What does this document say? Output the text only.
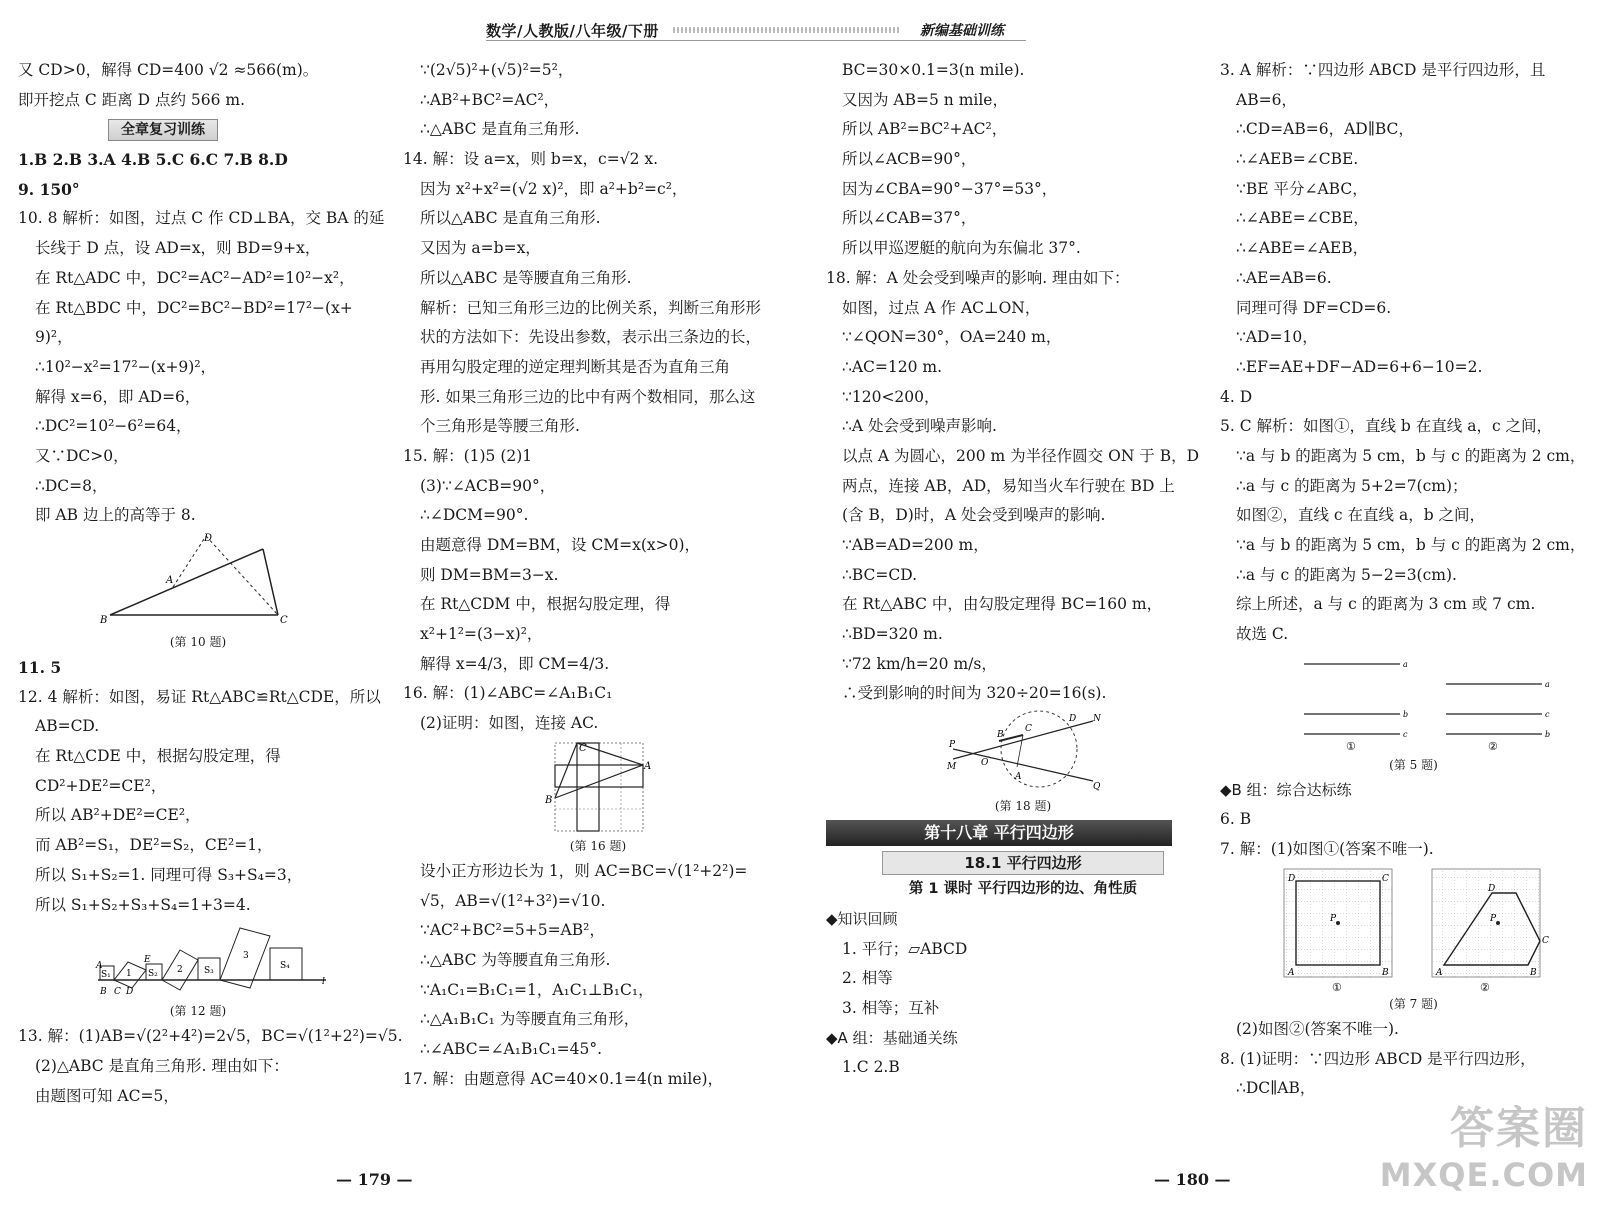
数学/人教版/八年级/下册	新编基础训练
又 CD>0，解得 CD=400 √2 ≈566(m)。
即开挖点 C 距离 D 点约 566 m.
全章复习训练
1.B 2.B 3.A 4.B 5.C 6.C 7.B 8.D
9. 150°
10. 8 解析：如图，过点 C 作 CD⊥BA，交 BA 的延
长线于 D 点，设 AD=x，则 BD=9+x，
在 Rt△ADC 中，DC²=AC²−AD²=10²−x²，
在 Rt△BDC 中，DC²=BC²−BD²=17²−(x+
9)²，
∴10²−x²=17²−(x+9)²，
解得 x=6，即 AD=6，
∴DC²=10²−6²=64，
又∵DC>0，
∴DC=8，
即 AB 边上的高等于 8.
A
B	C
D
(第 10 题)
11. 5
12. 4 解析：如图，易证 Rt△ABC≌Rt△CDE，所以
AB=CD.
在 Rt△CDE 中，根据勾股定理，得
CD²+DE²=CE²，
所以 AB²+DE²=CE²，
而 AB²=S₁，DE²=S₂，CE²=1，
所以 S₁+S₂=1. 同理可得 S₃+S₄=3，
所以 S₁+S₂+S₃+S₄=1+3=4.
S₁ 1 S₂ 2 S₃
3
S₄
A
E
B C D
l
(第 12 题)
13. 解：(1)AB=√(2²+4²)=2√5，BC=√(1²+2²)=√5.
(2)△ABC 是直角三角形. 理由如下：
由题图可知 AC=5，
∵(2√5)²+(√5)²=5²，
∴AB²+BC²=AC²，
∴△ABC 是直角三角形.
14. 解：设 a=x，则 b=x，c=√2 x.
因为 x²+x²=(√2 x)²，即 a²+b²=c²，
所以△ABC 是直角三角形.
又因为 a=b=x，
所以△ABC 是等腰直角三角形.
解析：已知三角形三边的比例关系，判断三角形形
状的方法如下：先设出参数，表示出三条边的长，
再用勾股定理的逆定理判断其是否为直角三角
形. 如果三角形三边的比中有两个数相同，那么这
个三角形是等腰三角形.
15. 解：(1)5 (2)1
(3)∵∠ACB=90°，
∴∠DCM=90°.
由题意得 DM=BM，设 CM=x(x>0)，
则 DM=BM=3−x.
在 Rt△CDM 中，根据勾股定理，得
x²+1²=(3−x)²，
解得 x=4/3，即 CM=4/3.
16. 解：(1)∠ABC=∠A₁B₁C₁
(2)证明：如图，连接 AC.
C
A
B
(第 16 题)
设小正方形边长为 1，则 AC=BC=√(1²+2²)=
√5，AB=√(1²+3²)=√10.
∵AC²+BC²=5+5=AB²，
∴△ABC 为等腰直角三角形.
∵A₁C₁=B₁C₁=1，A₁C₁⊥B₁C₁，
∴△A₁B₁C₁ 为等腰直角三角形，
∴∠ABC=∠A₁B₁C₁=45°.
17. 解：由题意得 AC=40×0.1=4(n mile)，
BC=30×0.1=3(n mile).
又因为 AB=5 n mile，
所以 AB²=BC²+AC²，
所以∠ACB=90°，
因为∠CBA=90°−37°=53°，
所以∠CAB=37°，
所以甲巡逻艇的航向为东偏北 37°.
18. 解：A 处会受到噪声的影响. 理由如下：
如图，过点 A 作 AC⊥ON，
∵∠QON=30°，OA=240 m，
∴AC=120 m.
∵120<200，
∴A 处会受到噪声影响.
以点 A 为圆心，200 m 为半径作圆交 ON 于 B，D
两点，连接 AB，AD，易知当火车行驶在 BD 上
(含 B，D)时，A 处会受到噪声的影响.
∵AB=AD=200 m，
∴BC=CD.
在 Rt△ABC 中，由勾股定理得 BC=160 m，
∴BD=320 m.
∵72 km/h=20 m/s，
∴受到影响的时间为 320÷20=16(s).
P
M	O
B
C
D N
A
Q
(第 18 题)
第十八章 平行四边形
18.1 平行四边形
第 1 课时 平行四边形的边、角性质
◆知识回顾
1. 平行；▱ABCD
2. 相等
3. 相等；互补
◆A 组：基础通关练
1.C 2.B
3. A 解析：∵四边形 ABCD 是平行四边形，且
AB=6，
∴CD=AB=6，AD∥BC，
∴∠AEB=∠CBE.
∵BE 平分∠ABC，
∴∠ABE=∠CBE，
∴∠ABE=∠AEB，
∴AE=AB=6.
同理可得 DF=CD=6.
∵AD=10，
∴EF=AE+DF−AD=6+6−10=2.
4. D
5. C 解析：如图①，直线 b 在直线 a，c 之间，
∵a 与 b 的距离为 5 cm，b 与 c 的距离为 2 cm，
∴a 与 c 的距离为 5+2=7(cm)；
如图②，直线 c 在直线 a，b 之间，
∵a 与 b 的距离为 5 cm，b 与 c 的距离为 2 cm，
∴a 与 c 的距离为 5−2=3(cm).
综上所述，a 与 c 的距离为 3 cm 或 7 cm.
故选 C.
a
b
c
a
c
b
①	②
(第 5 题)
◆B 组：综合达标练
6. B
7. 解：(1)如图①(答案不唯一).
D	C
A	B
P
D
C
A	B
P
①	②
(第 7 题)
(2)如图②(答案不唯一).
8. (1)证明：∵四边形 ABCD 是平行四边形，
∴DC∥AB，
— 179 —	— 180 —
答案圈
MXQE.COM
